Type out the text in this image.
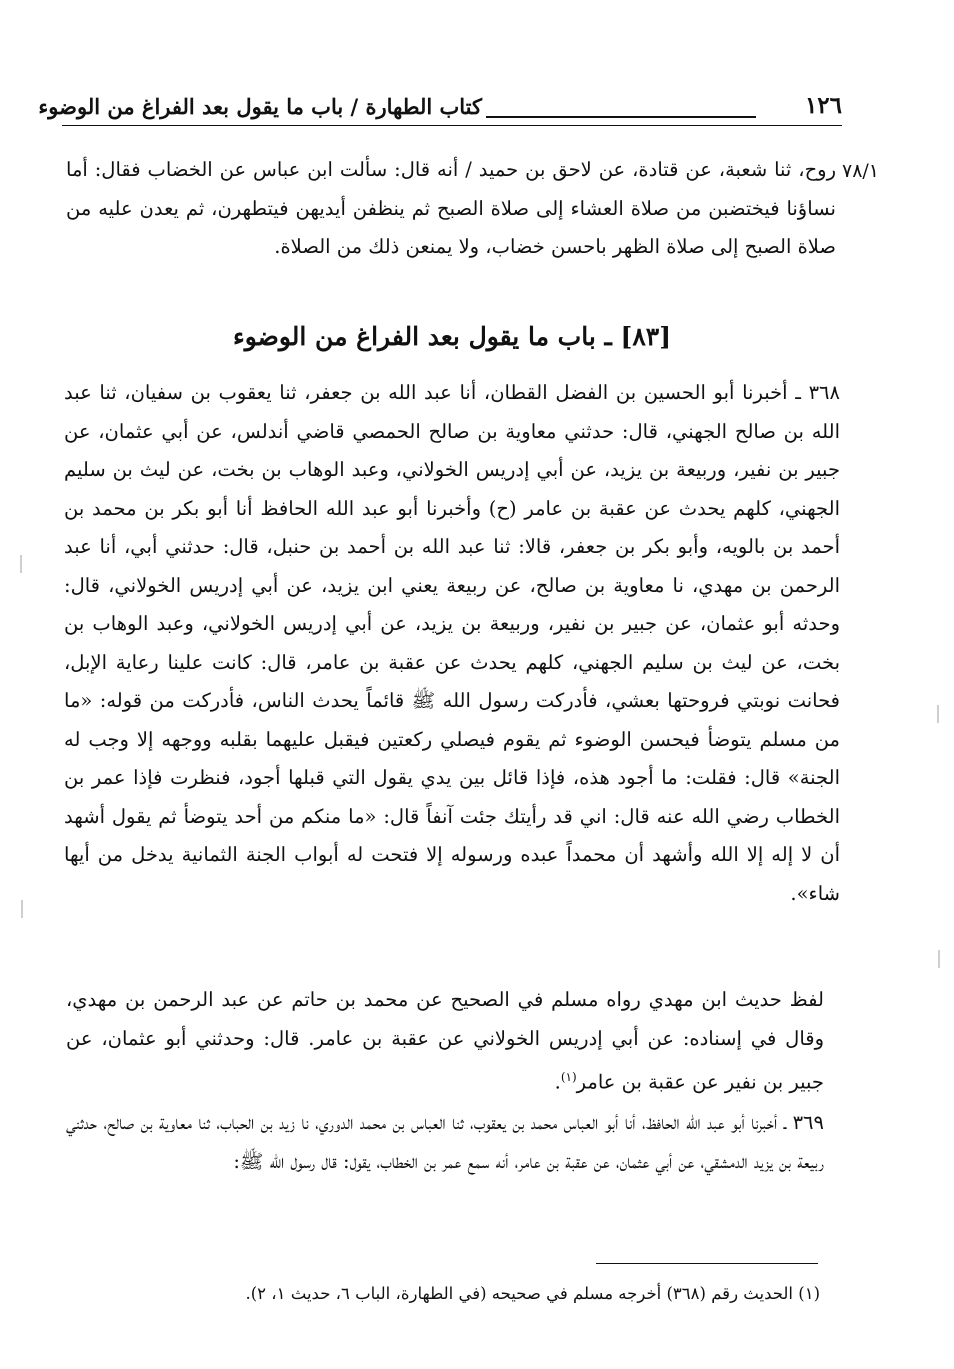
كتاب الطهارة / باب ما يقول بعد الفراغ من الوضوء	١٢٦
٧٨/١
روح، ثنا شعبة، عن قتادة، عن لاحق بن حميد / أنه قال: سألت ابن عباس عن الخضاب فقال: أما نساؤنا فيختضبن من صلاة العشاء إلى صلاة الصبح ثم ينظفن أيديهن فيتطهرن، ثم يعدن عليه من صلاة الصبح إلى صلاة الظهر باحسن خضاب، ولا يمنعن ذلك من الصلاة.
[٨٣] ـ باب ما يقول بعد الفراغ من الوضوء
٣٦٨ ـ أخبرنا أبو الحسين بن الفضل القطان، أنا عبد الله بن جعفر، ثنا يعقوب بن سفيان، ثنا عبد الله بن صالح الجهني، قال: حدثني معاوية بن صالح الحمصي قاضي أندلس، عن أبي عثمان، عن جبير بن نفير، وربيعة بن يزيد، عن أبي إدريس الخولاني، وعبد الوهاب بن بخت، عن ليث بن سليم الجهني، كلهم يحدث عن عقبة بن عامر (ح) وأخبرنا أبو عبد الله الحافظ أنا أبو بكر بن محمد بن أحمد بن بالويه، وأبو بكر بن جعفر، قالا: ثنا عبد الله بن أحمد بن حنبل، قال: حدثني أبي، أنا عبد الرحمن بن مهدي، نا معاوية بن صالح، عن ربيعة يعني ابن يزيد، عن أبي إدريس الخولاني، قال: وحدثه أبو عثمان، عن جبير بن نفير، وربيعة بن يزيد، عن أبي إدريس الخولاني، وعبد الوهاب بن بخت، عن ليث بن سليم الجهني، كلهم يحدث عن عقبة بن عامر، قال: كانت علينا رعاية الإبل، فحانت نوبتي فروحتها بعشي، فأدركت رسول الله ﷺ قائماً يحدث الناس، فأدركت من قوله: «ما من مسلم يتوضأ فيحسن الوضوء ثم يقوم فيصلي ركعتين فيقبل عليهما بقلبه ووجهه إلا وجب له الجنة» قال: فقلت: ما أجود هذه، فإذا قائل بين يدي يقول التي قبلها أجود، فنظرت فإذا عمر بن الخطاب رضي الله عنه قال: اني قد رأيتك جئت آنفاً قال: «ما منكم من أحد يتوضأ ثم يقول أشهد أن لا إله إلا الله وأشهد أن محمداً عبده ورسوله إلا فتحت له أبواب الجنة الثمانية يدخل من أيها شاء».
لفظ حديث ابن مهدي رواه مسلم في الصحيح عن محمد بن حاتم عن عبد الرحمن بن مهدي، وقال في إسناده: عن أبي إدريس الخولاني عن عقبة بن عامر. قال: وحدثني أبو عثمان، عن جبير بن نفير عن عقبة بن عامر$^{(١)}$.
٣٦٩ ـ أخبرنا أبو عبد الله الحافظ، أنا أبو العباس محمد بن يعقوب، ثنا العباس بن محمد الدوري، نا زيد بن الحباب، ثنا معاوية بن صالح، حدثني ربيعة بن يزيد الدمشقي، عن أبي عثمان، عن عقبة بن عامر، أنه سمع عمر بن الخطاب، يقول: قال رسول الله ﷺ:
(١) الحديث رقم (٣٦٨) أخرجه مسلم في صحيحه (في الطهارة، الباب ٦، حديث ١، ٢).
